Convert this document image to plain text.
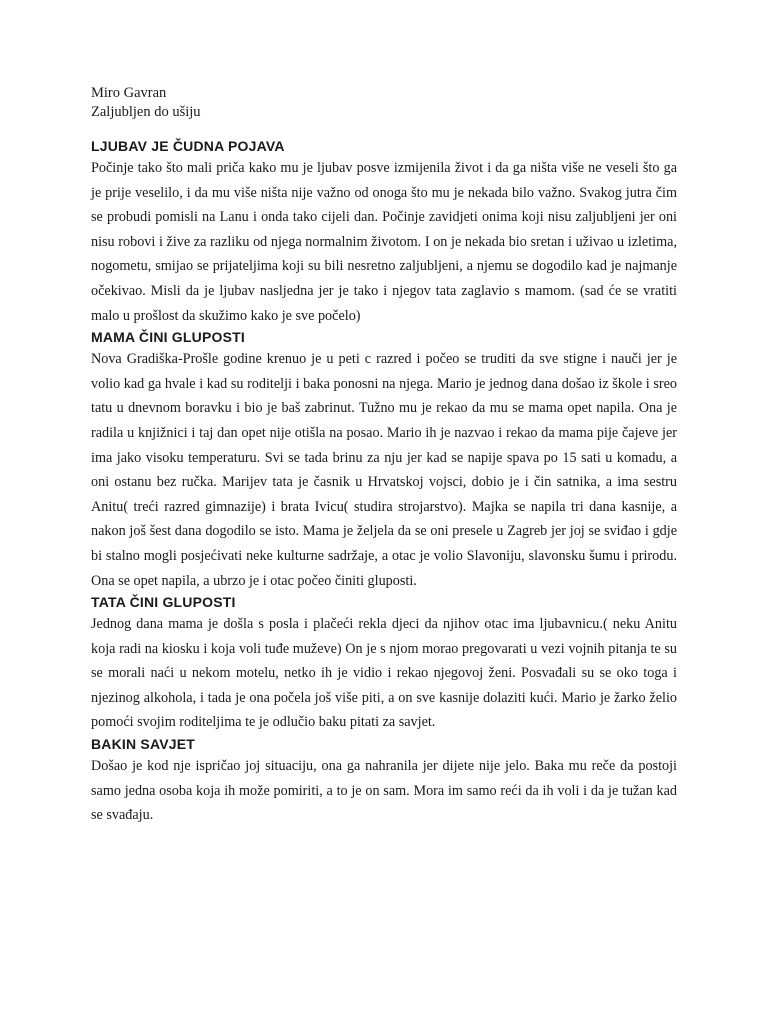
Miro Gavran

Zaljubljen do ušiju

LJUBAV JE ČUDNA POJAVA

Počinje tako što mali priča kako mu je ljubav posve izmijenila život i da ga ništa više ne veseli što ga je prije veselilo, i da mu više ništa nije važno od onoga što mu je nekada bilo važno. Svakog jutra čim se probudi pomisli na Lanu i onda tako cijeli dan. Počinje zavidjeti onima koji nisu zaljubljeni jer oni nisu robovi i žive za razliku od njega normalnim životom. I on je nekada bio sretan i uživao u izletima, nogometu, smijao se prijateljima koji su bili nesretno zaljubljeni, a njemu se dogodilo kad je najmanje očekivao. Misli da je ljubav nasljedna jer je tako i njegov tata zaglavio s mamom. (sad će se vratiti malo u prošlost da skužimo kako je sve počelo)

MAMA ČINI GLUPOSTI

Nova Gradiška-Prošle godine krenuo je u peti c razred i počeo se truditi da sve stigne i nauči jer je volio kad ga hvale i kad su roditelji i baka ponosni na njega. Mario je jednog dana došao iz škole i sreo tatu u dnevnom boravku i bio je baš zabrinut. Tužno mu je rekao da mu se mama opet napila. Ona je radila u knjižnici i taj dan opet nije otišla na posao. Mario ih je nazvao i rekao da mama pije čajeve jer ima jako visoku temperaturu. Svi se tada brinu za nju jer kad se napije spava po 15 sati u komadu, a oni ostanu bez ručka. Marijev tata je časnik u Hrvatskoj vojsci, dobio je i čin satnika, a ima sestru Anitu( treći razred gimnazije) i brata Ivicu( studira strojarstvo). Majka se napila tri dana kasnije, a nakon još šest dana dogodilo se isto. Mama je željela da se oni presele u Zagreb jer joj se sviđao i gdje bi stalno mogli posjećivati neke kulturne sadržaje, a otac je volio Slavoniju, slavonsku šumu i prirodu. Ona se opet napila, a ubrzo je i otac počeo činiti gluposti.

TATA ČINI GLUPOSTI

Jednog dana mama je došla s posla i plačeći rekla djeci da njihov otac ima ljubavnicu.( neku Anitu koja radi na kiosku i koja voli tuđe muževe) On je s njom morao pregovarati u vezi vojnih pitanja te su se morali naći u nekom motelu, netko ih je vidio i rekao njegovoj ženi. Posvađali su se oko toga i njezinog alkohola, i tada je ona počela još više piti, a on sve kasnije dolaziti kući. Mario je žarko želio pomoći svojim roditeljima te je odlučio baku pitati za savjet.

BAKIN SAVJET

Došao je kod nje ispričao joj situaciju, ona ga nahranila jer dijete nije jelo. Baka mu reče da postoji samo jedna osoba koja ih može pomiriti, a to je on sam. Mora im samo reći da ih voli i da je tužan kad se svađaju.
